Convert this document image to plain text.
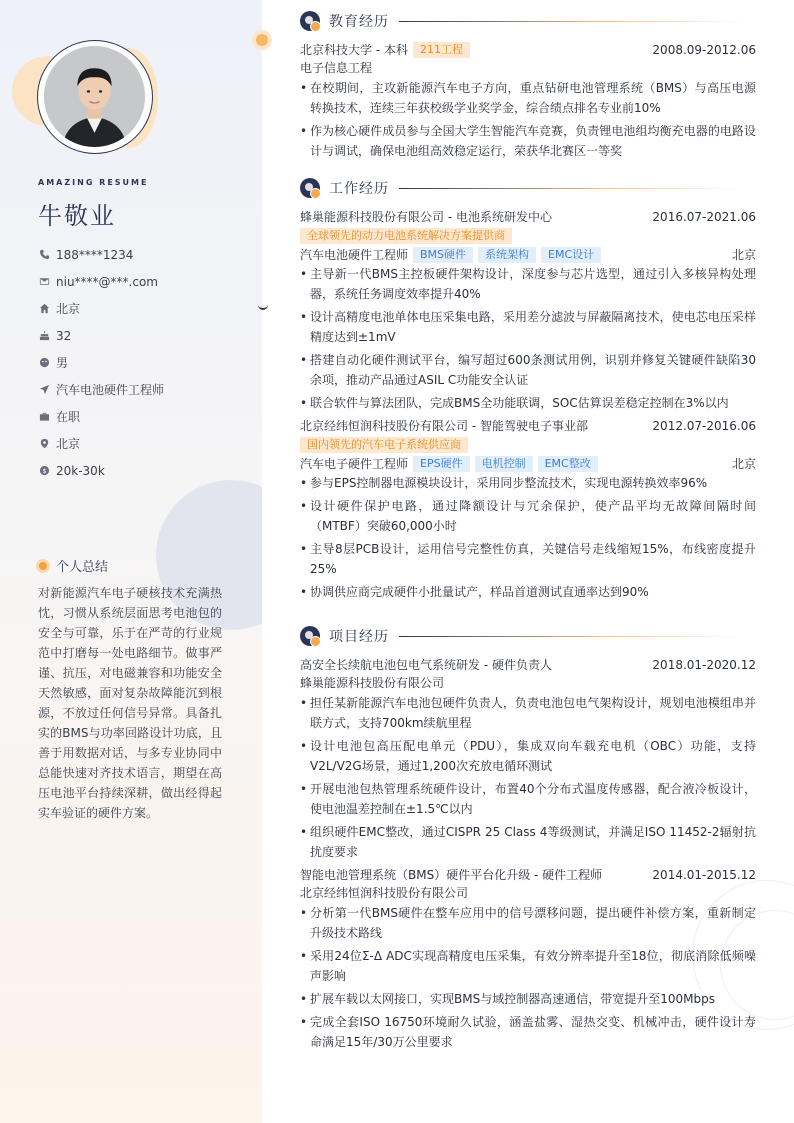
AMAZING RESUME
牛敬业
188****1234
niu****@***.com
北京
32
男
汽车电池硬件工程师
在职
北京
$ 20k-30k
个人总结
对新能源汽车电子硬核技术充满热忱，习惯从系统层面思考电池包的安全与可靠，乐于在严苛的行业规范中打磨每一处电路细节。做事严谨、抗压，对电磁兼容和功能安全天然敏感，面对复杂故障能沉到根源，不放过任何信号异常。具备扎实的BMS与功率回路设计功底，且善于用数据对话，与多专业协同中总能快速对齐技术语言，期望在高压电池平台持续深耕，做出经得起实车验证的硬件方案。
教育经历
北京科技大学 - 本科	211工程	2008.09-2012.06
电子信息工程
• 在校期间，主攻新能源汽车电子方向，重点钻研电池管理系统（BMS）与高压电源转换技术，连续三年获校级学业奖学金，综合绩点排名专业前10%
• 作为核心硬件成员参与全国大学生智能汽车竞赛，负责锂电池组均衡充电器的电路设计与调试，确保电池组高效稳定运行，荣获华北赛区一等奖
工作经历
蜂巢能源科技股份有限公司 - 电池系统研发中心	2016.07-2021.06
全球领先的动力电池系统解决方案提供商
汽车电池硬件工程师	BMS硬件	系统架构	EMC设计	北京
• 主导新一代BMS主控板硬件架构设计，深度参与芯片选型，通过引入多核异构处理器，系统任务调度效率提升40%
• 设计高精度电池单体电压采集电路，采用差分滤波与屏蔽隔离技术，使电芯电压采样精度达到±1mV
• 搭建自动化硬件测试平台，编写超过600条测试用例，识别并修复关键硬件缺陷30余项，推动产品通过ASIL C功能安全认证
• 联合软件与算法团队，完成BMS全功能联调，SOC估算误差稳定控制在3%以内
北京经纬恒润科技股份有限公司 - 智能驾驶电子事业部	2012.07-2016.06
国内领先的汽车电子系统供应商
汽车电子硬件工程师	EPS硬件	电机控制	EMC整改	北京
• 参与EPS控制器电源模块设计，采用同步整流技术，实现电源转换效率96%
• 设计硬件保护电路，通过降额设计与冗余保护，使产品平均无故障间隔时间（MTBF）突破60,000小时
• 主导8层PCB设计，运用信号完整性仿真，关键信号走线缩短15%，布线密度提升25%
• 协调供应商完成硬件小批量试产，样品首道测试直通率达到90%
项目经历
高安全长续航电池包电气系统研发 - 硬件负责人	2018.01-2020.12
蜂巢能源科技股份有限公司
• 担任某新能源汽车电池包硬件负责人，负责电池包电气架构设计，规划电池模组串并联方式，支持700km续航里程
• 设计电池包高压配电单元（PDU），集成双向车载充电机（OBC）功能，支持V2L/V2G场景，通过1,200次充放电循环测试
• 开展电池包热管理系统硬件设计，布置40个分布式温度传感器，配合液冷板设计，使电池温差控制在±1.5℃以内
• 组织硬件EMC整改，通过CISPR 25 Class 4等级测试，并满足ISO 11452-2辐射抗扰度要求
智能电池管理系统（BMS）硬件平台化升级 - 硬件工程师	2014.01-2015.12
北京经纬恒润科技股份有限公司
• 分析第一代BMS硬件在整车应用中的信号漂移问题，提出硬件补偿方案，重新制定升级技术路线
• 采用24位Σ-Δ ADC实现高精度电压采集，有效分辨率提升至18位，彻底消除低频噪声影响
• 扩展车载以太网接口，实现BMS与域控制器高速通信，带宽提升至100Mbps
• 完成全套ISO 16750环境耐久试验，涵盖盐雾、湿热交变、机械冲击，硬件设计寿命满足15年/30万公里要求
